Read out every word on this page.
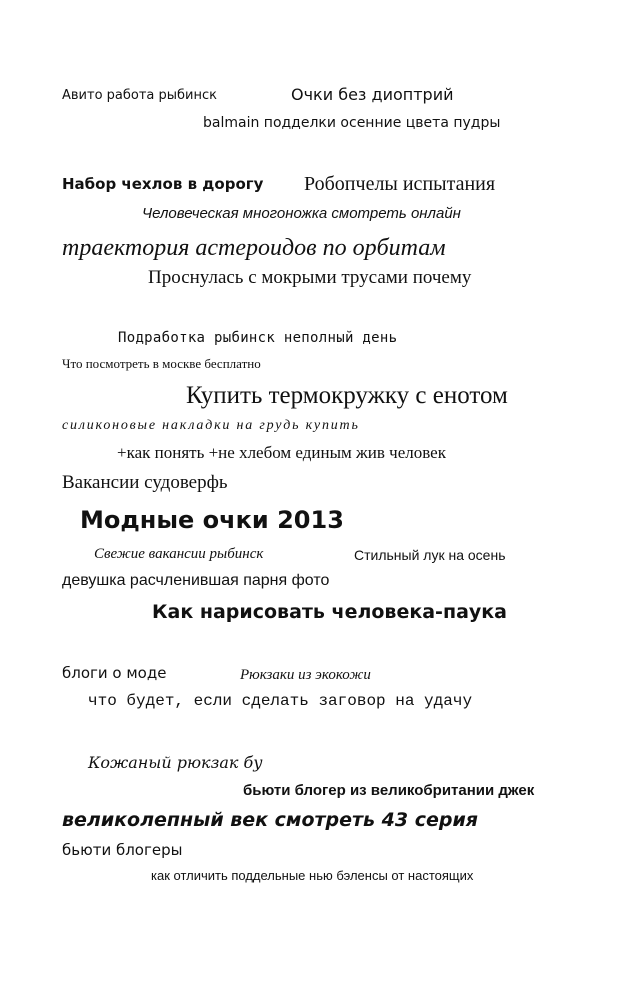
Авито работа рыбинск	Очки без диоптрий
balmain подделки осенние цвета пудры
Набор чехлов в дорогу Робопчелы испытания
Человеческая многоножка смотреть онлайн
траектория астероидов по орбитам
Проснулась с мокрыми трусами почему
Подработка рыбинск неполный день
Что посмотреть в москве бесплатно
Купить термокружку с енотом
силиконовые накладки на грудь купить
+как понять +не хлебом единым жив человек
Вакансии судоверфь
Модные очки 2013
Свежие вакансии рыбинск	Стильный лук на осень
девушка расчленившая парня фото
Как нарисовать человека-паука
блоги о моде	Рюкзаки из экокожи
что будет, если сделать заговор на удачу
Кожаный рюкзак бу
бьюти блогер из великобритании джек
великолепный век смотреть 43 серия
бьюти блогеры
как отличить поддельные нью бэленсы от настоящих
